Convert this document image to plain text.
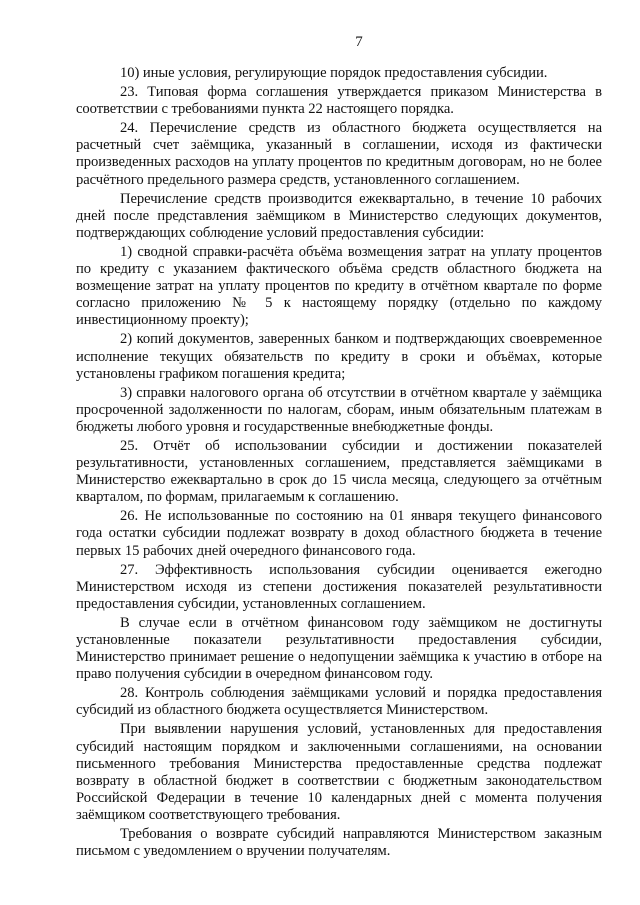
7

10) иные условия, регулирующие порядок предоставления субсидии.

23. Типовая форма соглашения утверждается приказом Министерства в соответствии с требованиями пункта 22 настоящего порядка.

24. Перечисление средств из областного бюджета осуществляется на расчетный счет заёмщика, указанный в соглашении, исходя из фактически произведенных расходов на уплату процентов по кредитным договорам, но не более расчётного предельного размера средств, установленного соглашением.

Перечисление средств производится ежеквартально, в течение 10 рабочих дней после представления заёмщиком в Министерство следующих документов, подтверждающих соблюдение условий предоставления субсидии:

1) сводной справки-расчёта объёма возмещения затрат на уплату процентов по кредиту с указанием фактического объёма средств областного бюджета на возмещение затрат на уплату процентов по кредиту в отчётном квартале по форме согласно приложению № 5 к настоящему порядку (отдельно по каждому инвестиционному проекту);

2) копий документов, заверенных банком и подтверждающих своевременное исполнение текущих обязательств по кредиту в сроки и объёмах, которые установлены графиком погашения кредита;

3) справки налогового органа об отсутствии в отчётном квартале у заёмщика просроченной задолженности по налогам, сборам, иным обязательным платежам в бюджеты любого уровня и государственные внебюджетные фонды.

25. Отчёт об использовании субсидии и достижении показателей результативности, установленных соглашением, представляется заёмщиками в Министерство ежеквартально в срок до 15 числа месяца, следующего за отчётным кварталом, по формам, прилагаемым к соглашению.

26. Не использованные по состоянию на 01 января текущего финансового года остатки субсидии подлежат возврату в доход областного бюджета в течение первых 15 рабочих дней очередного финансового года.

27. Эффективность использования субсидии оценивается ежегодно Министерством исходя из степени достижения показателей результативности предоставления субсидии, установленных соглашением.

В случае если в отчётном финансовом году заёмщиком не достигнуты установленные показатели результативности предоставления субсидии, Министерство принимает решение о недопущении заёмщика к участию в отборе на право получения субсидии в очередном финансовом году.

28. Контроль соблюдения заёмщиками условий и порядка предоставления субсидий из областного бюджета осуществляется Министерством.

При выявлении нарушения условий, установленных для предоставления субсидий настоящим порядком и заключенными соглашениями, на основании письменного требования Министерства предоставленные средства подлежат возврату в областной бюджет в соответствии с бюджетным законодательством Российской Федерации в течение 10 календарных дней с момента получения заёмщиком соответствующего требования.

Требования о возврате субсидий направляются Министерством заказным письмом с уведомлением о вручении получателям.
